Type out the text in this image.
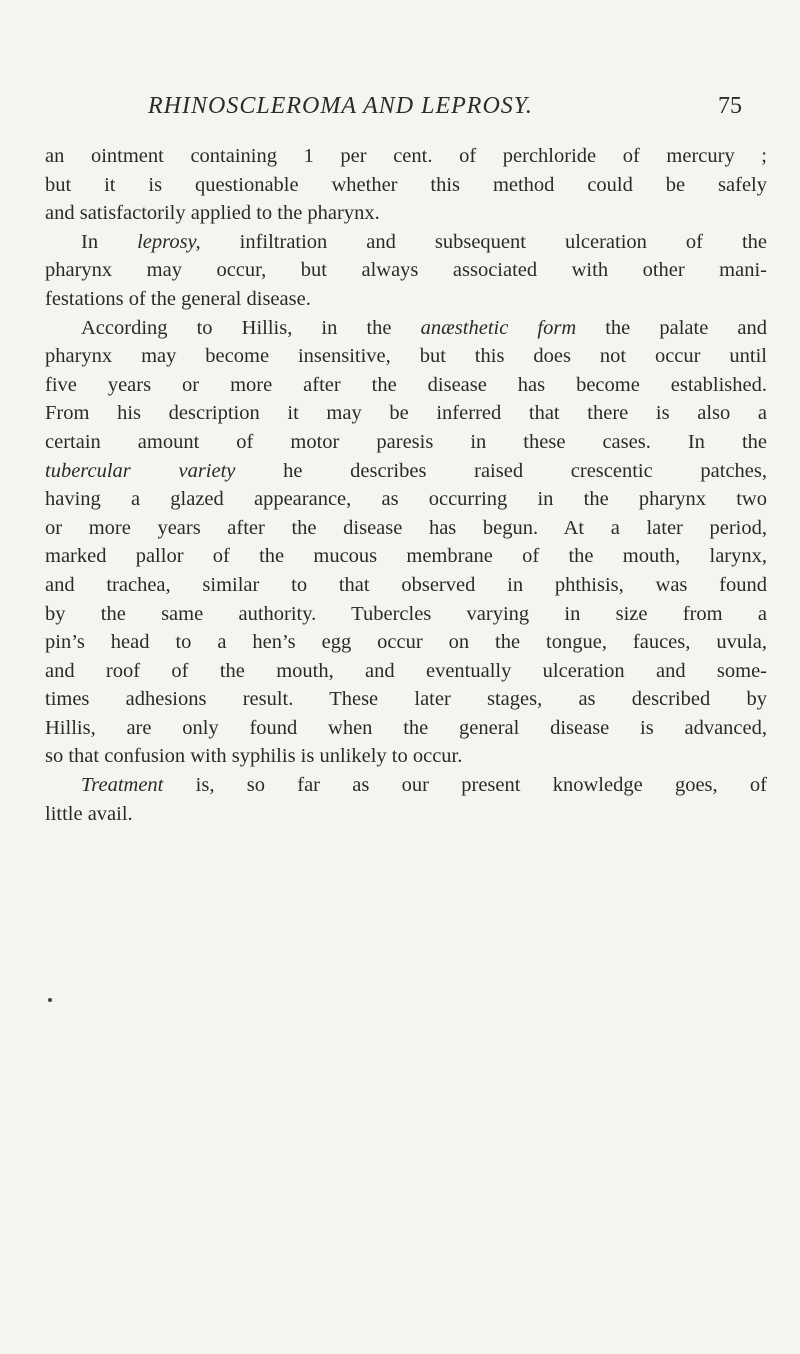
RHINOSCLEROMA AND LEPROSY.	75

an ointment containing 1 per cent. of perchloride of mercury ;
but it is questionable whether this method could be safely
and satisfactorily applied to the pharynx.

In leprosy, infiltration and subsequent ulceration of the
pharynx may occur, but always associated with other mani-
festations of the general disease.

According to Hillis, in the anæsthetic form the palate and
pharynx may become insensitive, but this does not occur until
five years or more after the disease has become established.
From his description it may be inferred that there is also a
certain amount of motor paresis in these cases. In the
tubercular variety he describes raised crescentic patches,
having a glazed appearance, as occurring in the pharynx two
or more years after the disease has begun. At a later period,
marked pallor of the mucous membrane of the mouth, larynx,
and trachea, similar to that observed in phthisis, was found
by the same authority. Tubercles varying in size from a
pin’s head to a hen’s egg occur on the tongue, fauces, uvula,
and roof of the mouth, and eventually ulceration and some-
times adhesions result. These later stages, as described by
Hillis, are only found when the general disease is advanced,
so that confusion with syphilis is unlikely to occur.

Treatment is, so far as our present knowledge goes, of
little avail.
